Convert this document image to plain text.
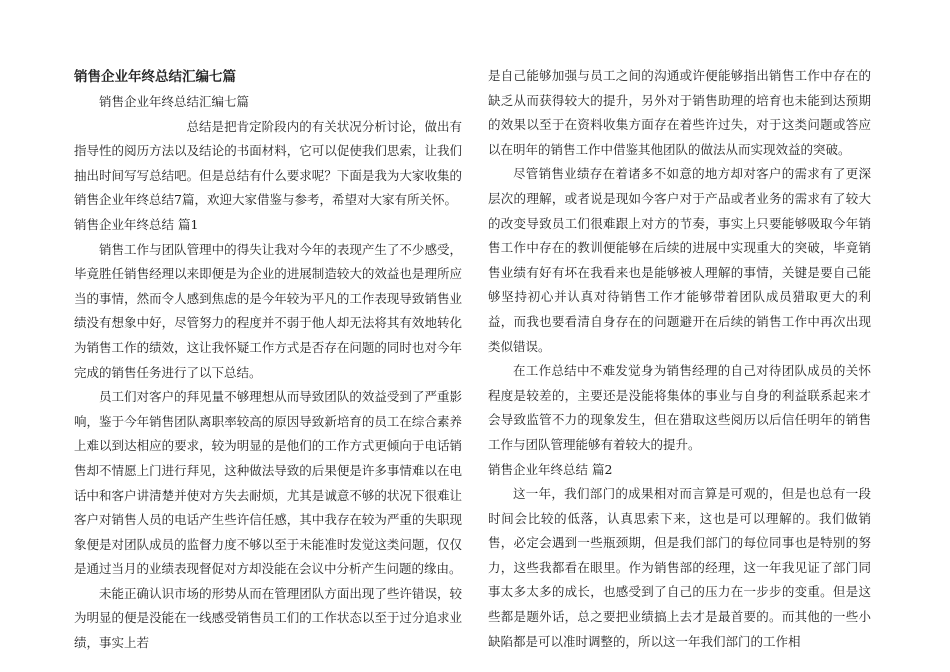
销售企业年终总结汇编七篇

销售企业年终总结汇编七篇

总结是把肯定阶段内的有关状况分析讨论，做出有指导性的阅历方法以及结论的书面材料，它可以促使我们思索，让我们抽出时间写写总结吧。但是总结有什么要求呢？下面是我为大家收集的销售企业年终总结7篇，欢迎大家借鉴与参考，希望对大家有所关怀。

销售企业年终总结 篇1

销售工作与团队管理中的得失让我对今年的表现产生了不少感受，毕竟胜任销售经理以来即便是为企业的进展制造较大的效益也是理所应当的事情，然而令人感到焦虑的是今年较为平凡的工作表现导致销售业绩没有想象中好，尽管努力的程度并不弱于他人却无法将其有效地转化为销售工作的绩效，这让我怀疑工作方式是否存在问题的同时也对今年完成的销售任务进行了以下总结。

员工们对客户的拜见量不够理想从而导致团队的效益受到了严重影响，鉴于今年销售团队离职率较高的原因导致新培育的员工在综合素养上难以到达相应的要求，较为明显的是他们的工作方式更倾向于电话销售却不情愿上门进行拜见，这种做法导致的后果便是许多事情难以在电话中和客户讲清楚并使对方失去耐烦，尤其是诚意不够的状况下很难让客户对销售人员的电话产生些许信任感，其中我存在较为严重的失职现象便是对团队成员的监督力度不够以至于未能准时发觉这类问题，仅仅是通过当月的业绩表现督促对方却没能在会议中分析产生问题的缘由。

未能正确认识市场的形势从而在管理团队方面出现了些许错误，较为明显的便是没能在一线感受销售员工们的工作状态以至于过分追求业绩，事实上若

是自己能够加强与员工之间的沟通或许便能够指出销售工作中存在的缺乏从而获得较大的提升，另外对于销售助理的培育也未能到达预期的效果以至于在资料收集方面存在着些许过失，对于这类问题或答应以在明年的销售工作中借鉴其他团队的做法从而实现效益的突破。

尽管销售业绩存在着诸多不如意的地方却对客户的需求有了更深层次的理解，或者说是现如今客户对于产品或者业务的需求有了较大的改变导致员工们很难跟上对方的节奏，事实上只要能够吸取今年销售工作中存在的教训便能够在后续的进展中实现重大的突破，毕竟销售业绩有好有坏在我看来也是能够被人理解的事情，关键是要自己能够坚持初心并认真对待销售工作才能够带着团队成员猎取更大的利益，而我也要看清自身存在的问题避开在后续的销售工作中再次出现类似错误。

在工作总结中不难发觉身为销售经理的自己对待团队成员的关怀程度是较差的，主要还是没能将集体的事业与自身的利益联系起来才会导致监管不力的现象发生，但在猎取这些阅历以后信任明年的销售工作与团队管理能够有着较大的提升。

销售企业年终总结 篇2

这一年，我们部门的成果相对而言算是可观的，但是也总有一段时间会比较的低落，认真思索下来，这也是可以理解的。我们做销售，必定会遇到一些瓶颈期，但是我们部门的每位同事也是特别的努力，这些我都看在眼里。作为销售部的经理，这一年我见证了部门同事太多太多的成长，也感受到了自己的压力在一步步的变重。但是这些都是题外话，总之要把业绩搞上去才是最首要的。而其他的一些小缺陷都是可以准时调整的，所以这一年我们部门的工作相
